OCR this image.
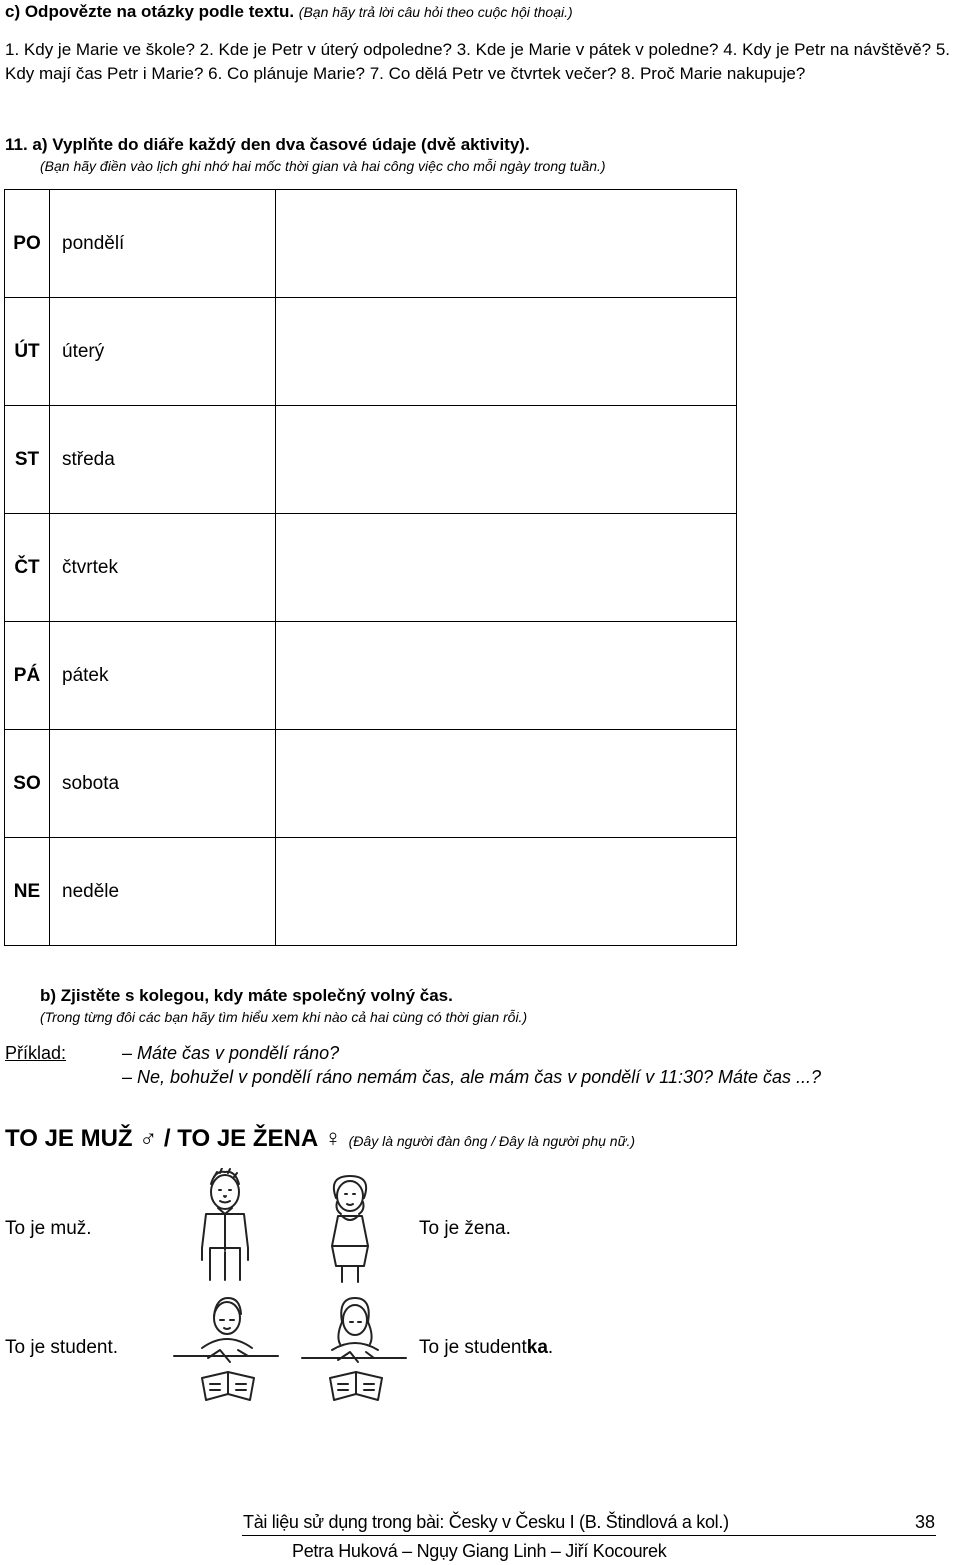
c) Odpovězte na otázky podle textu. (Bạn hãy trả lời câu hỏi theo cuộc hội thoại.)
1. Kdy je Marie ve škole? 2. Kde je Petr v úterý odpoledne? 3. Kde je Marie v pátek v poledne? 4. Kdy je Petr na návštěvě? 5. Kdy mají čas Petr i Marie? 6. Co plánuje Marie? 7. Co dělá Petr ve čtvrtek večer? 8. Proč Marie nakupuje?
11. a) Vyplňte do diáře každý den dva časové údaje (dvě aktivity).
(Bạn hãy điền vào lịch ghi nhớ hai mốc thời gian và hai công việc cho mỗi ngày trong tuần.)
PO	pondělí	
ÚT	úterý	
ST	středa	
ČT	čtvrtek	
PÁ	pátek	
SO	sobota	
NE	neděle	
b) Zjistěte s kolegou, kdy máte společný volný čas.
(Trong từng đôi các bạn hãy tìm hiểu xem khi nào cả hai cùng có thời gian rỗi.)
Příklad:	– Máte čas v pondělí ráno?
– Ne, bohužel v pondělí ráno nemám čas, ale mám čas v pondělí v 11:30? Máte čas ...?
TO JE MUŽ ♂ / TO JE ŽENA ♀ (Đây là người đàn ông / Đây là người phụ nữ.)
To je muž.	To je žena.
To je student.	To je studentka.
Tài liệu sử dụng trong bài: Česky v Česku I (B. Štindlová a kol.)	38
Petra Huková – Ngụy Giang Linh – Jiří Kocourek
